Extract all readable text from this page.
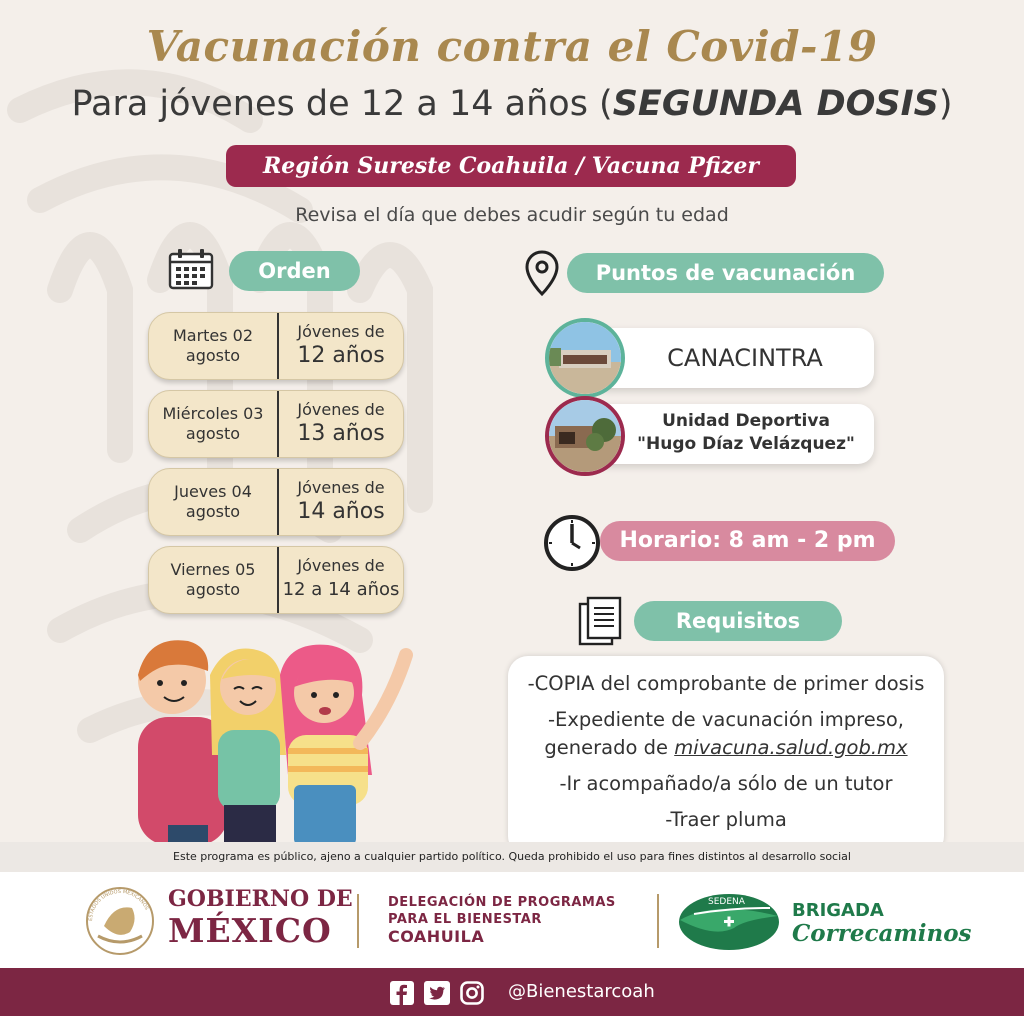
Vacunación contra el Covid-19
Para jóvenes de 12 a 14 años (SEGUNDA DOSIS)
Región Sureste Coahuila / Vacuna Pfizer
Revisa el día que debes acudir según tu edad
Orden
Martes 02
agosto
Jóvenes de
12 años
Miércoles 03
agosto
Jóvenes de
13 años
Jueves 04
agosto
Jóvenes de
14 años
Viernes 05
agosto
Jóvenes de
12 a 14 años
Puntos de vacunación
CANACINTRA
Unidad Deportiva
"Hugo Díaz Velázquez"
Horario: 8 am - 2 pm
Requisitos
-COPIA del comprobante de primer dosis
-Expediente de vacunación impreso,
generado de mivacuna.salud.gob.mx
-Ir acompañado/a sólo de un tutor
-Traer pluma
Este programa es público, ajeno a cualquier partido político. Queda prohibido el uso para fines distintos al desarrollo social
ESTADOS UNIDOS MEXICANOS GOBIERNO DE
MÉXICO
DELEGACIÓN DE PROGRAMAS
PARA EL BIENESTAR
COAHUILA
SEDENA	BRIGADA
Correcaminos
@Bienestarcoah
